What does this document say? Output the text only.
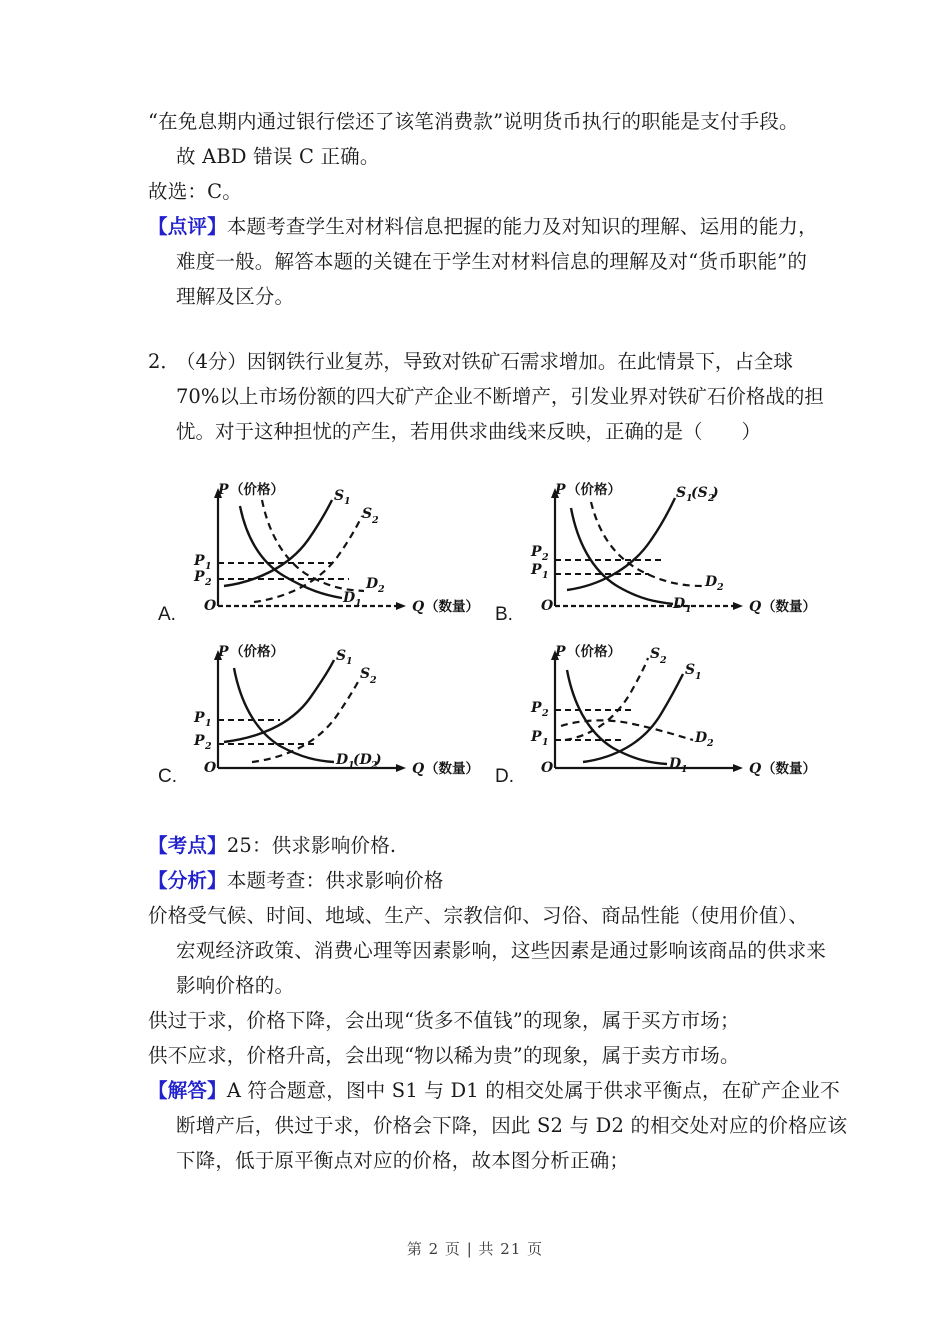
“在免息期内通过银行偿还了该笔消费款”说明货币执行的职能是支付手段。
故 ABD 错误 C 正确。
故选：C。
【点评】本题考查学生对材料信息把握的能力及对知识的理解、运用的能力，
难度一般。解答本题的关键在于学生对材料信息的理解及对“货币职能”的
理解及区分。
2．（4分）因钢铁行业复苏，导致对铁矿石需求增加。在此情景下，占全球
70%以上市场份额的四大矿产企业不断增产，引发业界对铁矿石价格战的担
忧。对于这种担忧的产生，若用供求曲线来反映，正确的是（　　）
A.
P （价格）
Q （数量）
O
P 1
P 2
S 1
S 2
D 1
D 2
B.
P （价格）
Q （数量）
O
P 2
P 1
S 1
(S 2
)
D 1
D 2
C.
P （价格）
Q （数量）
O
P 1
P 2
S 1
S 2
D 1
(D 2
)
D.
P （价格）
Q （数量）
O
P 2
P 1
S 2
S 1
D 1
D 2
【考点】25：供求影响价格.
【分析】本题考查：供求影响价格
价格受气候、时间、地域、生产、宗教信仰、习俗、商品性能（使用价值）、
宏观经济政策、消费心理等因素影响，这些因素是通过影响该商品的供求来
影响价格的。
供过于求，价格下降，会出现“货多不值钱”的现象，属于买方市场；
供不应求，价格升高，会出现“物以稀为贵”的现象，属于卖方市场。
【解答】A 符合题意，图中 S1 与 D1 的相交处属于供求平衡点，在矿产企业不
断增产后，供过于求，价格会下降，因此 S2 与 D2 的相交处对应的价格应该
下降，低于原平衡点对应的价格，故本图分析正确；
第 2 页 | 共 21 页
